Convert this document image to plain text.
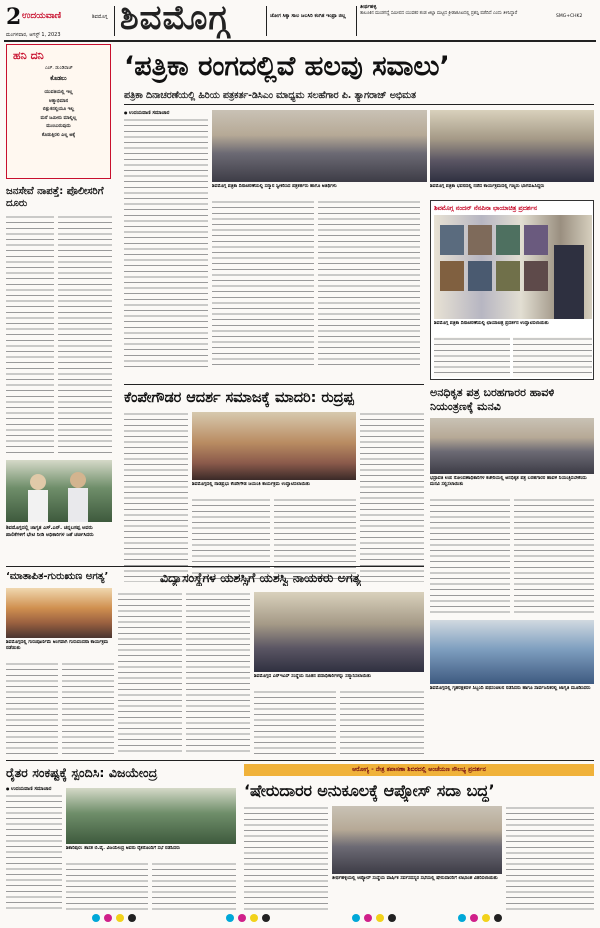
2 ಉದಯವಾಣಿ	ಶಿವಮೊಗ್ಗ
ಮಂಗಳವಾರ, ಆಗಸ್ಟ್ 1, 2023 ಶಿವಮೊಗ್ಗ	ಜೋಗ ಸಿಕ್ಕಾ ಸಾಲ ಜಲಸಿರಿ ಕಂಗಿತ ಇಂಫ್ರಾ ಜಿಲ್ಲ
ತೀರ್ಥಹಳ್ಳಿ
ತಾಲೂಕಿನ ಮಂಡಗದ್ದೆ ಸಮೀಪದ ಯುವಕರ ತಂಡ ಜಿಲ್ಲಾ ಮಟ್ಟದ ಕ್ರೀಡಾಕೂಟದಲ್ಲಿ ಪ್ರಶಸ್ತಿ ಪಡೆದಿದೆ ಎಂದು ತಿಳಿಸಿದ್ದಾರೆ
SMG+CHK2
ಹನಿ ದನಿ
ಎಚ್. ಡುಂಡಿರಾಜ್
ಕೊಡಲು
ಯುವತಿಯಲ್ಲಿ ಇಲ್ಲ
ಆತ್ಮಾಭಿಮಾನ
ಬಿಕ್ಷುಕನಲ್ಲಿಯೂ ಇಲ್ಲ
ಮನೆ ಜಮೀನು ಮಾಲ್ಲಿಲ್ಲ
ಮುಂಬುರುವುದು
ಕೊಡುತ್ತಿರಲಿ ಎಲ್ಲ ಅಕ್ಕೆ
ಜನಸೇವೆ ನಾಪತ್ತೆ: ಪೊಲೀಸರಿಗೆ ದೂರು
ಶಿವಮೊಗ್ಗದಲ್ಲಿ ಜಾಗೃತ ಎಸ್.ಎನ್. ಚನ್ನಬಸಪ್ಪ ಅವರು ಪಾಲಿಕೆಗಳಿಗೆ ಭೇಟಿ ನೀಡಿ ಅಧಿಕಾರಿಗಳ ಜತೆ ಚರ್ಚಿಸಿದರು
‘ಪತ್ರಿಕಾ ರಂಗದಲ್ಲಿವೆ ಹಲವು ಸವಾಲು’
ಪತ್ರಿಕಾ ದಿನಾಚರಣೆಯಲ್ಲಿ ಹಿರಿಯ ಪತ್ರಕರ್ತ-ಡಿಸಿಎಂ ಮಾಧ್ಯಮ ಸಲಹೆಗಾರ ಪಿ. ತ್ಯಾಗರಾಜ್ ಅಭಿಮತ
● ಉದಯವಾಣಿ ಸಮಾಚಾರ
ಶಿವಮೊಗ್ಗ ಪತ್ರಿಕಾ ದಿನಾಚರಣೆಯಲ್ಲಿ ಸನ್ಮಾನ ಸ್ವೀಕರಿಸಿದ ಪತ್ರಕರ್ತರು ಹಾಗೂ ಅತಿಥಿಗಳು	ಶಿವಮೊಗ್ಗ ಪತ್ರಿಕಾ ಭವನದಲ್ಲಿ ನಡೆದ ಕಾರ್ಯಕ್ರಮದಲ್ಲಿ ಗಣ್ಯರು ಭಾಗವಹಿಸಿದ್ದರು
ಶಿವಮೊಗ್ಗ ನಂದನ್ ನೆನಪಿನಾ ಛಾಯಾಚಿತ್ರ ಪ್ರದರ್ಶನ
ಶಿವಮೊಗ್ಗ ಪತ್ರಿಕಾ ದಿನಾಚರಣೆಯಲ್ಲಿ ಛಾಯಾಚಿತ್ರ ಪ್ರದರ್ಶನ ಉದ್ಘಾಟಿಸಲಾಯಿತು
ಕೆಂಪೇಗೌಡರ ಆದರ್ಶ ಸಮಾಜಕ್ಕೆ ಮಾದರಿ: ರುದ್ರಪ್ಪ
ಶಿವಮೊಗ್ಗದಲ್ಲಿ ನಾಡಪ್ರಭು ಕೆಂಪೇಗೌಡ ಜಯಂತಿ ಕಾರ್ಯಕ್ರಮ ಉದ್ಘಾಟಿಸಲಾಯಿತು
ಅನಧಿಕೃತ ಪತ್ರ ಬರಹಗಾರರ ಹಾವಳಿ ನಿಯಂತ್ರಣಕ್ಕೆ ಮನವಿ
ಭದ್ರಾವತಿ ಉಪ ನೋಂದಣಾಧಿಕಾರಿಗಳ ಕಚೇರಿಯಲ್ಲಿ ಅನಧಿಕೃತ ಪತ್ರ ಬರಹಗಾರರ ಹಾವಳಿ ನಿಯಂತ್ರಿಸಬೇಕೆಂದು ಮನವಿ ಸಲ್ಲಿಸಲಾಯಿತು
‘ಮಾತಾಪಿತ-ಗುರುಋಣ ಅಗತ್ಯ’
ಶಿವಮೊಗ್ಗದಲ್ಲಿ ಗುರುಪೂರ್ಣಿಮೆ ಅಂಗವಾಗಿ ಗುರುವಂದನಾ ಕಾರ್ಯಕ್ರಮ ನಡೆಯಿತು
ವಿದ್ಯಾಸಂಸ್ಥೆಗಳ ಯಶಸ್ಸಿಗೆ ಯಶಸ್ವಿ ನಾಯಕರು ಅಗತ್ಯ
ಶಿವಮೊಗ್ಗದ ಎನ್ಇಎಸ್ ಸಂಸ್ಥೆಯ ನೂತನ ಪದಾಧಿಕಾರಿಗಳನ್ನು ಸನ್ಮಾನಿಸಲಾಯಿತು
ಶಿವಮೊಗ್ಗದಲ್ಲಿ ಗೃಹರಕ್ಷಕದಳ ಸಿಬ್ಬಂದಿ ಪಥಸಂಚಲನ ನಡೆಸಿದರು ಹಾಗೂ ಸಾರ್ವಜನಿಕರಲ್ಲಿ ಜಾಗೃತಿ ಮೂಡಿಸಿದರು
ರೈತರ ಸಂಕಷ್ಟಕ್ಕೆ ಸ್ಪಂದಿಸಿ: ವಿಜಯೇಂದ್ರ
● ಉದಯವಾಣಿ ಸಮಾಚಾರ
ಶಿಕಾರಿಪುರ: ಶಾಸಕ ಬಿ.ವೈ. ವಿಜಯೇಂದ್ರ ಅವರು ರೈತರೊಂದಿಗೆ ಸಭೆ ನಡೆಸಿದರು
ಆರೋಗ್ಯ - ನೇತ್ರ ತಪಾಸಣಾ ಶಿಬಿರದಲ್ಲಿ ಅಂಚೆಯಣ ಸೌಲಭ್ಯ ಪ್ರದರ್ಶನ
‘ಷೇರುದಾರರ ಅನುಕೂಲಕ್ಕೆ ಆಪ್ಕೋಸ್ ಸದಾ ಬದ್ಧ’
ತೀರ್ಥಹಳ್ಳಿಯಲ್ಲಿ ಆಪ್ಕೋಸ್ ಸಂಸ್ಥೆಯ ವಾರ್ಷಿಕ ಸರ್ವಸದಸ್ಯರ ಸಭೆಯಲ್ಲಿ ಷೇರುದಾರರಿಗೆ ಲಾಭಾಂಶ ವಿತರಿಸಲಾಯಿತು
